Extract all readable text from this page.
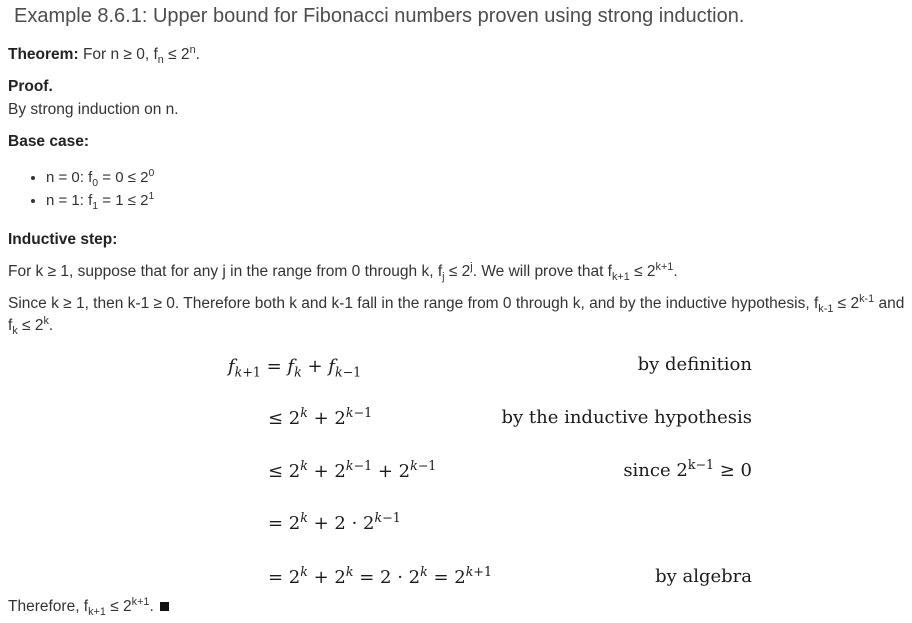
Example 8.6.1: Upper bound for Fibonacci numbers proven using strong induction.
Theorem: For n ≥ 0, $f_n \le 2^n$.
Proof.
By strong induction on n.
Base case:
• n = 0: $f_0 = 0 \le 2^0$
• n = 1: $f_1 = 1 \le 2^1$
Inductive step:
For k ≥ 1, suppose that for any j in the range from 0 through k, $f_j \le 2^j$. We will prove that $f_{k+1} \le 2^{k+1}$.
Since k ≥ 1, then k-1 ≥ 0. Therefore both k and k-1 fall in the range from 0 through k, and by the inductive hypothesis, $f_{k-1} \le 2^{k-1}$ and
$f_k \le 2^k$.
$f_{k+1} = f_k + f_{k-1}$	by definition
≤ $2^k + 2^{k-1}$	by the inductive hypothesis
≤ $2^k + 2^{k-1} + 2^{k-1}$	since $2^{k-1} \ge 0$
= $2^k + 2 \cdot 2^{k-1}$
= $2^k + 2^k = 2 \cdot 2^k = 2^{k+1}$	by algebra
Therefore, $f_{k+1} \le 2^{k+1}$.
